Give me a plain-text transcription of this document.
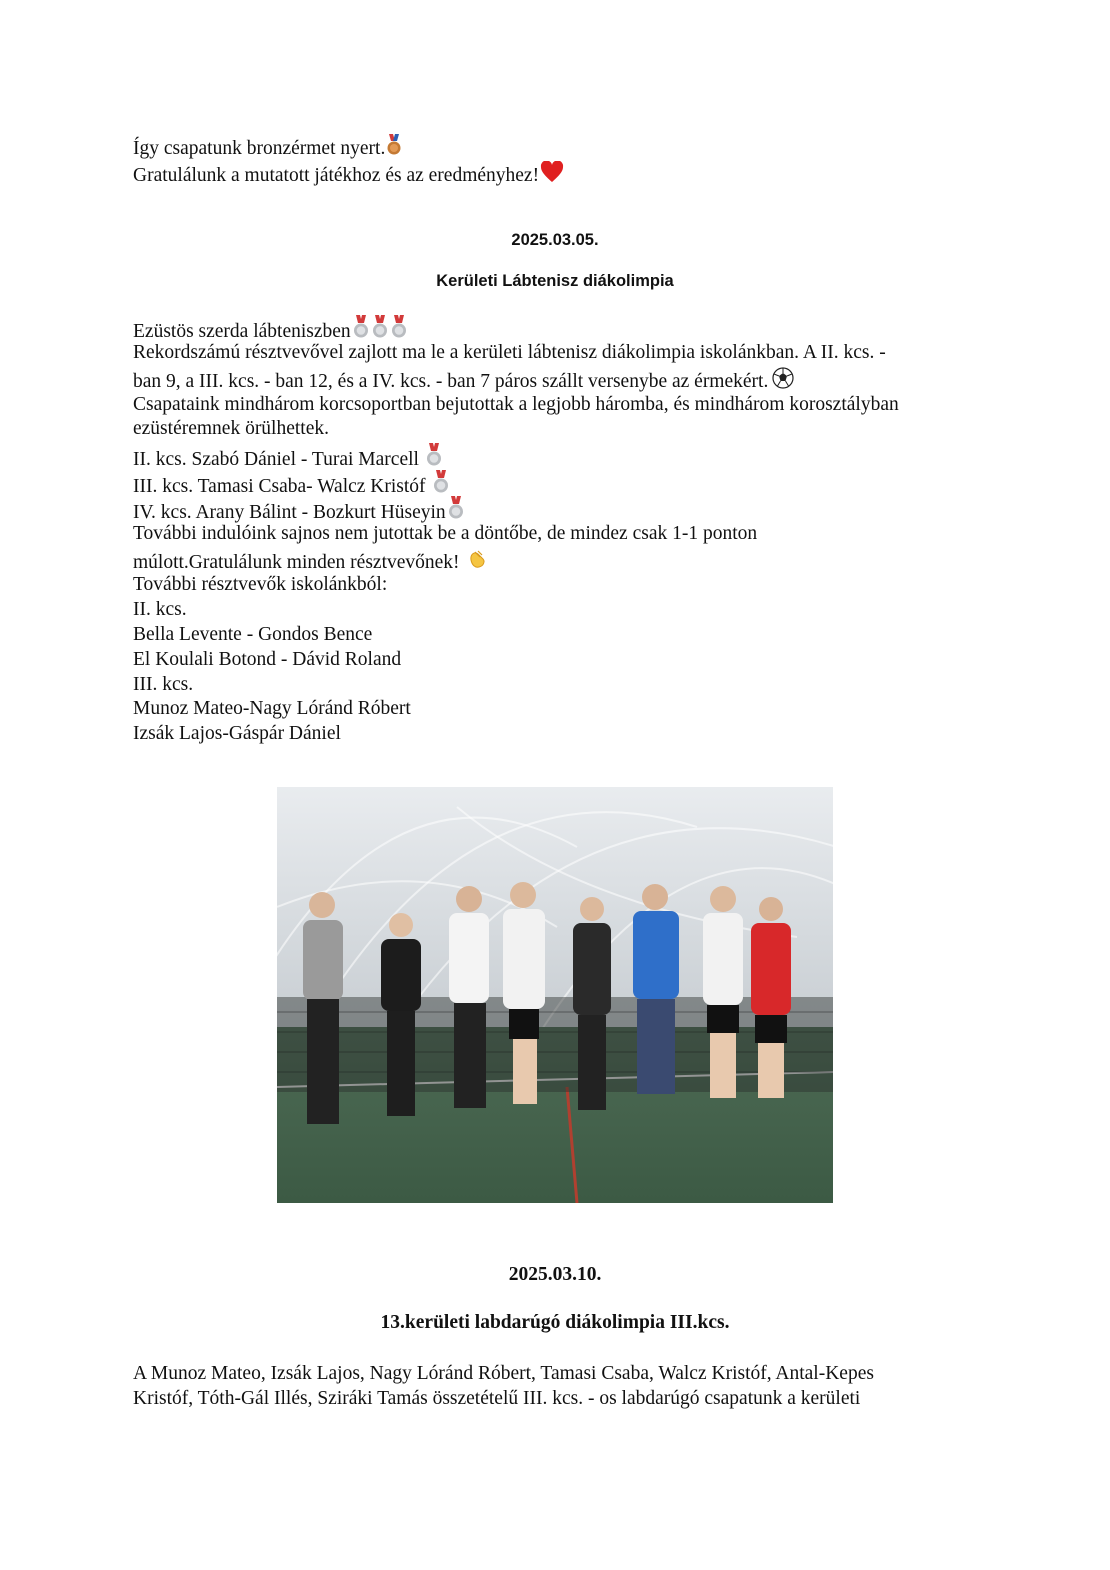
Így csapatunk bronzérmet nyert.
Gratulálunk a mutatott játékhoz és az eredményhez!
2025.03.05.
Kerületi Lábtenisz diákolimpia
Ezüstös szerda lábteniszben
Rekordszámú résztvevővel zajlott ma le a kerületi lábtenisz diákolimpia iskolánkban. A II. kcs. -
ban 9, a III. kcs. - ban 12, és a IV. kcs. - ban 7 páros szállt versenybe az érmekért.
Csapataink mindhárom korcsoportban bejutottak a legjobb háromba, és mindhárom korosztályban
ezüstéremnek örülhettek.
II. kcs. Szabó Dániel - Turai Marcell
III. kcs. Tamasi Csaba- Walcz Kristóf
IV. kcs. Arany Bálint - Bozkurt Hüseyin
További indulóink sajnos nem jutottak be a döntőbe, de mindez csak 1-1 ponton
múlott.Gratulálunk minden résztvevőnek!
További résztvevők iskolánkból:
II. kcs.
Bella Levente - Gondos Bence
El Koulali Botond - Dávid Roland
III. kcs.
Munoz Mateo-Nagy Lóránd Róbert
Izsák Lajos-Gáspár Dániel
2025.03.10.
13.kerületi labdarúgó diákolimpia III.kcs.
A Munoz Mateo, Izsák Lajos, Nagy Lóránd Róbert, Tamasi Csaba, Walcz Kristóf, Antal-Kepes
Kristóf, Tóth-Gál Illés, Sziráki Tamás összetételű III. kcs. - os labdarúgó csapatunk a kerületi
